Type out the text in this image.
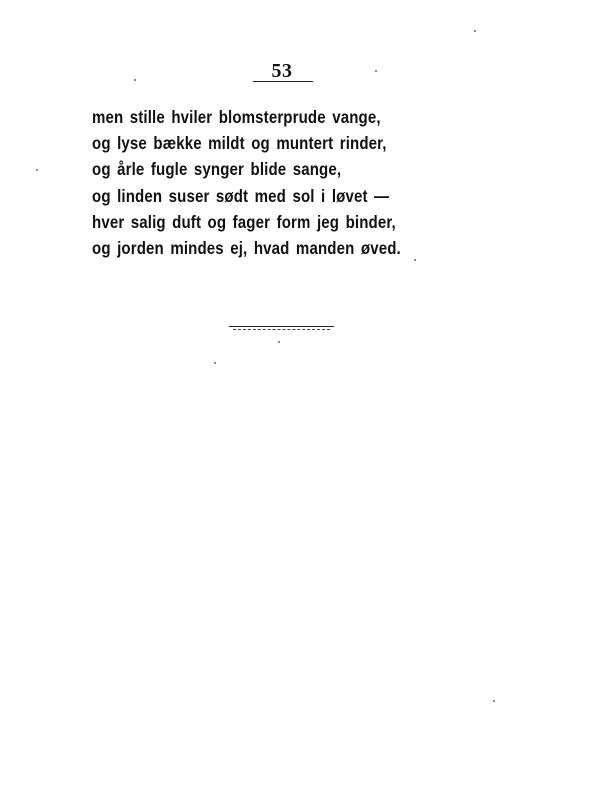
53
men stille hviler blomsterprude vange,
og lyse bække mildt og muntert rinder,
og årle fugle synger blide sange,
og linden suser sødt med sol i løvet —
hver salig duft og fager form jeg binder,
og jorden mindes ej, hvad manden øved.
